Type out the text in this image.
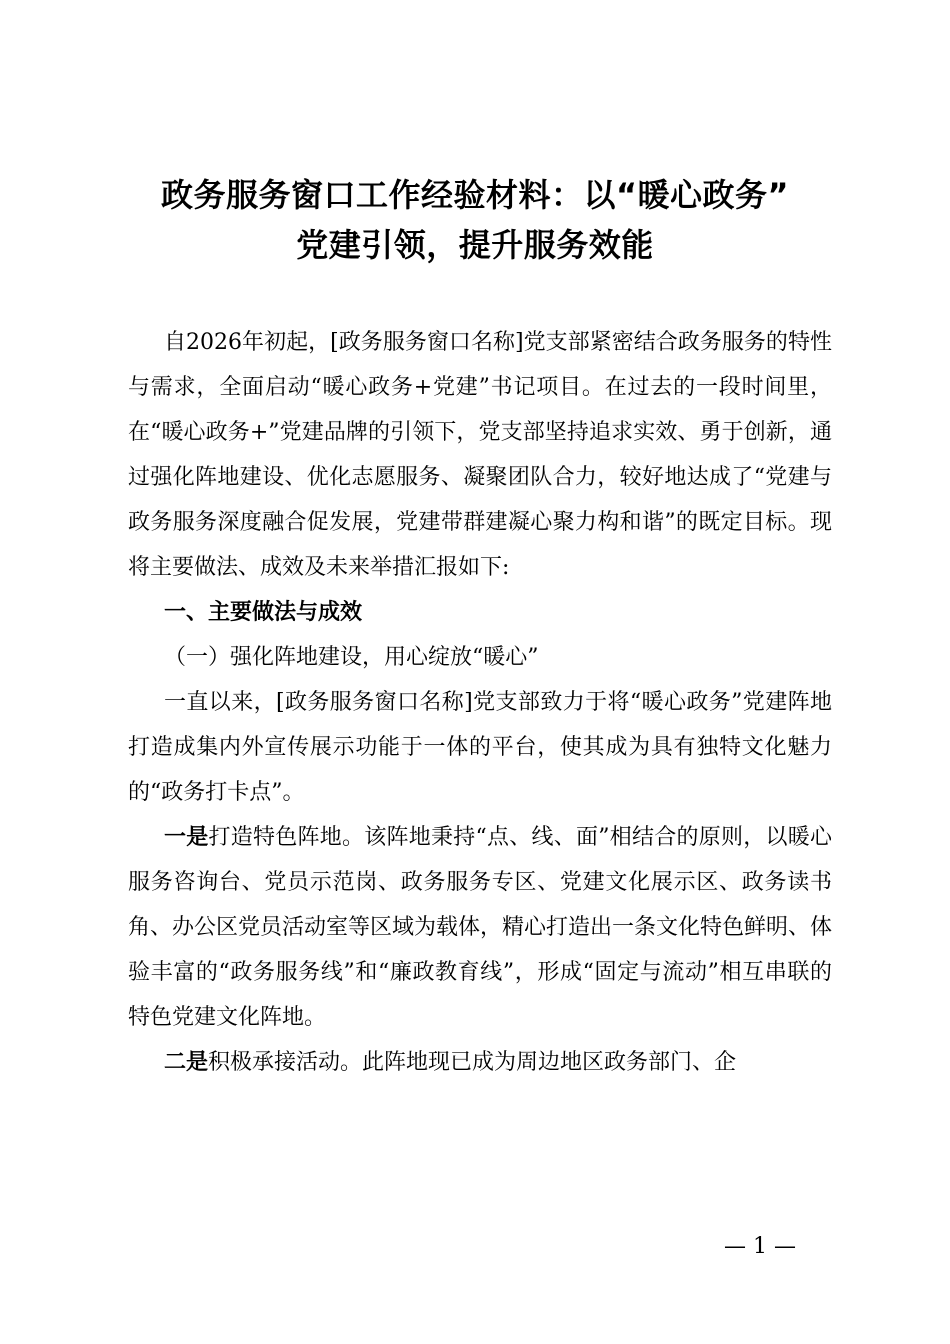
政务服务窗口工作经验材料：以“暖心政务”
党建引领，提升服务效能

自2026年初起，[政务服务窗口名称]党支部紧密结合政务服务的特性与需求，全面启动“暖心政务+党建”书记项目。在过去的一段时间里，在“暖心政务+”党建品牌的引领下，党支部坚持追求实效、勇于创新，通过强化阵地建设、优化志愿服务、凝聚团队合力，较好地达成了“党建与政务服务深度融合促发展，党建带群建凝心聚力构和谐”的既定目标。现将主要做法、成效及未来举措汇报如下:

一、主要做法与成效

（一）强化阵地建设，用心绽放“暖心”

一直以来，[政务服务窗口名称]党支部致力于将“暖心政务”党建阵地打造成集内外宣传展示功能于一体的平台，使其成为具有独特文化魅力的“政务打卡点”。

一是打造特色阵地。该阵地秉持“点、线、面”相结合的原则，以暖心服务咨询台、党员示范岗、政务服务专区、党建文化展示区、政务读书角、办公区党员活动室等区域为载体，精心打造出一条文化特色鲜明、体验丰富的“政务服务线”和“廉政教育线”，形成“固定与流动”相互串联的特色党建文化阵地。

二是积极承接活动。此阵地现已成为周边地区政务部门、企

— 1 —
